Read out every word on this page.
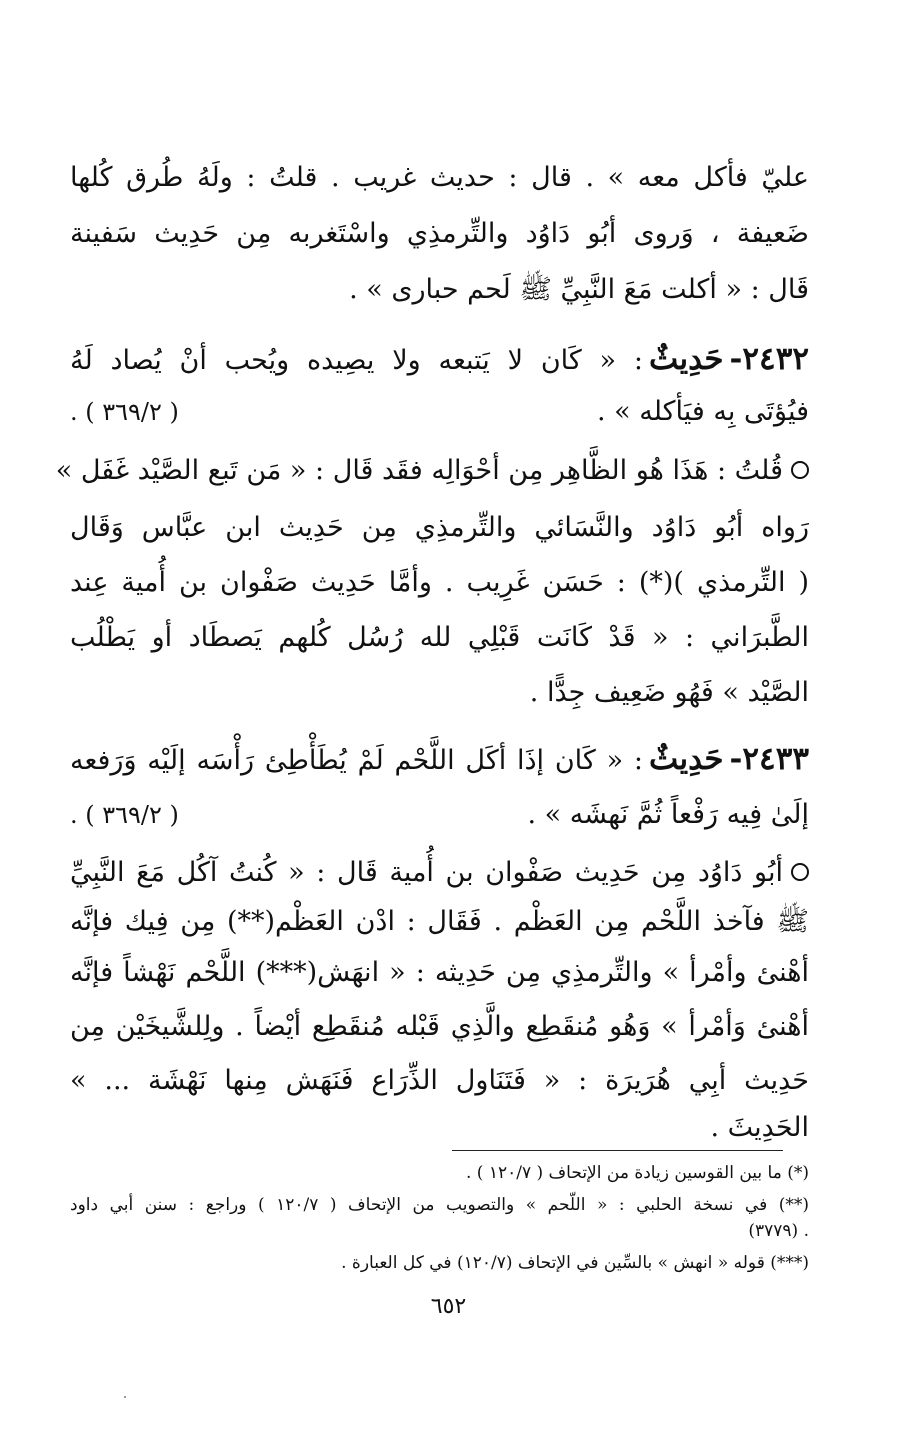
عليّ فأكل معه » . قال : حديث غريب . قلتُ : ولَهُ طُرق كُلها
ضَعيفة ، وَروى أبُو دَاوُد والتِّرمذِي واسْتَغربه مِن حَدِيث سَفينة
قَال : « أكلت مَعَ النَّبِيِّ ﷺ لَحم حبارى » .
٢٤٣٢-حَدِيثٌ: « كَان لا يَتبعه ولا يصِيده ويُحب أنْ يُصاد لَهُ
فيُؤتَى بِه فيَأكله » .
. ( ٣٦٩/٢ )
قُلتُ : هَذَا هُو الظَّاهِر مِن أحْوَالِه فقَد قَال : « مَن تَبع الصَّيْد غَفَل »
رَواه أبُو دَاوُد والنَّسَائي والتِّرمذِي مِن حَدِيث ابن عبَّاس وَقَال
( التِّرمذي )(*) : حَسَن غَرِيب . وأمَّا حَدِيث صَفْوان بن أُمية عِند
الطَّبرَاني : « قَدْ كَانَت قَبْلِي لله رُسُل كُلهم يَصطَاد أو يَطْلُب
الصَّيْد » فَهُو ضَعِيف جِدًّا .
٢٤٣٣-حَدِيثٌ: « كَان إذَا أكَل اللَّحْم لَمْ يُطَأْطِئ رَأْسَه إلَيْه وَرَفعه
إلَىٰ فِيه رَفْعاً ثُمَّ نَهشَه » .
. ( ٣٦٩/٢ )
أبُو دَاوُد مِن حَدِيث صَفْوان بن أُمية قَال : « كُنتُ آكُل مَعَ النَّبِيِّ
ﷺ فآخذ اللَّحْم مِن العَظْم . فَقَال : ادْن العَظْم(**) مِن فِيك فإنَّه
أهْنئ وأمْرأ » والتِّرمذِي مِن حَدِيثه : « انهَش(***) اللَّحْم نَهْشاً فإنَّه
أهْنئ وَأمْرأ » وَهُو مُنقَطِع والَّذِي قَبْله مُنقَطِع أيْضاً . ولِلشَّيخَيْن مِن
حَدِيث أبِي هُرَيرَة : « فَتَنَاول الذِّرَاع فَنَهَش مِنها نَهْشَة ... »
الحَدِيثَ .
(*) ما بين القوسين زيادة من الإتحاف ( ١٢٠/٧ ) .
(**) في نسخة الحلبي : « اللّحم » والتصويب من الإتحاف ( ١٢٠/٧ ) وراجع : سنن أبي داود
(٣٧٧٩) .
(***) قوله « انهش » بالسِّين في الإتحاف (١٢٠/٧) في كل العبارة .
٦٥٢
